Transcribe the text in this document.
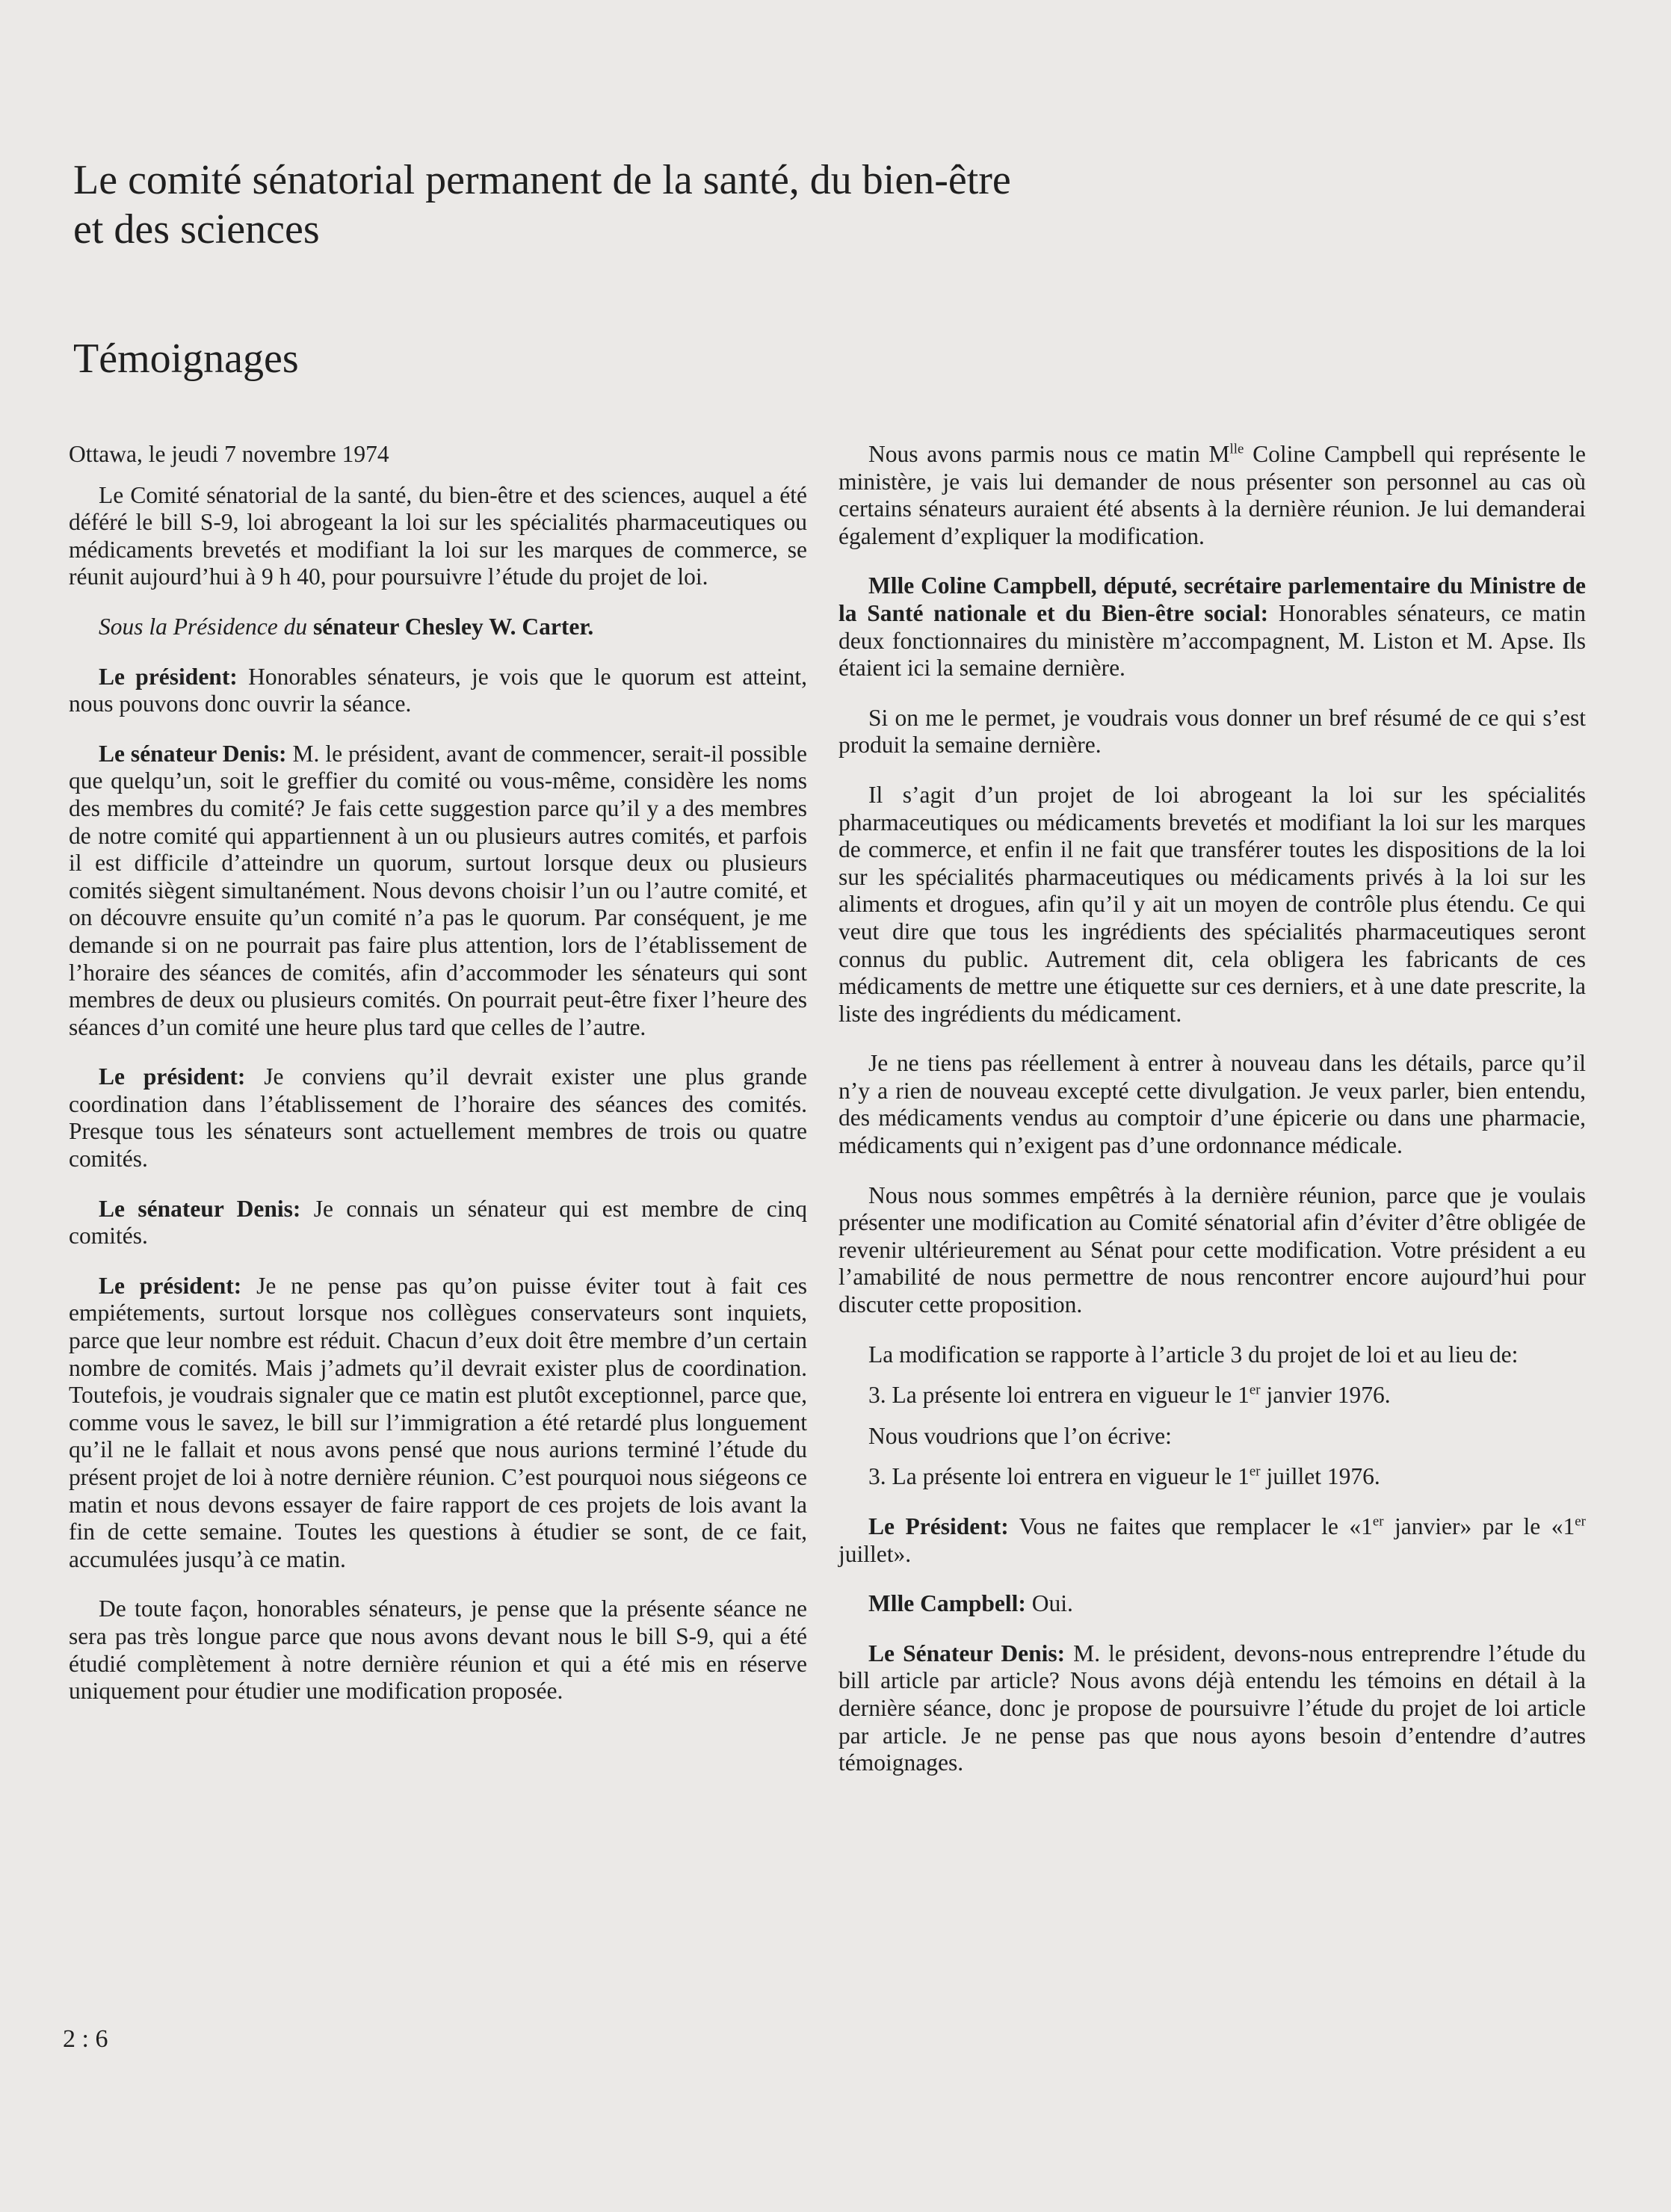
Le comité sénatorial permanent de la santé, du bien-être
et des sciences
Témoignages

Ottawa, le jeudi 7 novembre 1974

Le Comité sénatorial de la santé, du bien-être et des sciences, auquel a été déféré le bill S-9, loi abrogeant la loi sur les spécialités pharmaceutiques ou médicaments brevetés et modifiant la loi sur les marques de commerce, se réunit aujourd’hui à 9 h 40, pour poursuivre l’étude du projet de loi.

Sous la Présidence du sénateur Chesley W. Carter.

Le président: Honorables sénateurs, je vois que le quorum est atteint, nous pouvons donc ouvrir la séance.

Le sénateur Denis: M. le président, avant de commencer, serait-il possible que quelqu’un, soit le greffier du comité ou vous-même, considère les noms des membres du comité? Je fais cette suggestion parce qu’il y a des membres de notre comité qui appartiennent à un ou plusieurs autres comités, et parfois il est difficile d’atteindre un quorum, surtout lorsque deux ou plusieurs comités siègent simultanément. Nous devons choisir l’un ou l’autre comité, et on découvre ensuite qu’un comité n’a pas le quorum. Par conséquent, je me demande si on ne pourrait pas faire plus attention, lors de l’établissement de l’horaire des séances de comités, afin d’accommoder les sénateurs qui sont membres de deux ou plusieurs comités. On pourrait peut-être fixer l’heure des séances d’un comité une heure plus tard que celles de l’autre.

Le président: Je conviens qu’il devrait exister une plus grande coordination dans l’établissement de l’horaire des séances des comités. Presque tous les sénateurs sont actuellement membres de trois ou quatre comités.

Le sénateur Denis: Je connais un sénateur qui est membre de cinq comités.

Le président: Je ne pense pas qu’on puisse éviter tout à fait ces empiétements, surtout lorsque nos collègues conservateurs sont inquiets, parce que leur nombre est réduit. Chacun d’eux doit être membre d’un certain nombre de comités. Mais j’admets qu’il devrait exister plus de coordination. Toutefois, je voudrais signaler que ce matin est plutôt exceptionnel, parce que, comme vous le savez, le bill sur l’immigration a été retardé plus longuement qu’il ne le fallait et nous avons pensé que nous aurions terminé l’étude du présent projet de loi à notre dernière réunion. C’est pourquoi nous siégeons ce matin et nous devons essayer de faire rapport de ces projets de lois avant la fin de cette semaine. Toutes les questions à étudier se sont, de ce fait, accumulées jusqu’à ce matin.

De toute façon, honorables sénateurs, je pense que la présente séance ne sera pas très longue parce que nous avons devant nous le bill S-9, qui a été étudié complètement à notre dernière réunion et qui a été mis en réserve uniquement pour étudier une modification proposée.

Nous avons parmis nous ce matin $M^{lle}$ Coline Campbell qui représente le ministère, je vais lui demander de nous présenter son personnel au cas où certains sénateurs auraient été absents à la dernière réunion. Je lui demanderai également d’expliquer la modification.

Mlle Coline Campbell, député, secrétaire parlementaire du Ministre de la Santé nationale et du Bien-être social: Honorables sénateurs, ce matin deux fonctionnaires du ministère m’accompagnent, M. Liston et M. Apse. Ils étaient ici la semaine dernière.

Si on me le permet, je voudrais vous donner un bref résumé de ce qui s’est produit la semaine dernière.

Il s’agit d’un projet de loi abrogeant la loi sur les spécialités pharmaceutiques ou médicaments brevetés et modifiant la loi sur les marques de commerce, et enfin il ne fait que transférer toutes les dispositions de la loi sur les spécialités pharmaceutiques ou médicaments privés à la loi sur les aliments et drogues, afin qu’il y ait un moyen de contrôle plus étendu. Ce qui veut dire que tous les ingrédients des spécialités pharmaceutiques seront connus du public. Autrement dit, cela obligera les fabricants de ces médicaments de mettre une étiquette sur ces derniers, et à une date prescrite, la liste des ingrédients du médicament.

Je ne tiens pas réellement à entrer à nouveau dans les détails, parce qu’il n’y a rien de nouveau excepté cette divulgation. Je veux parler, bien entendu, des médicaments vendus au comptoir d’une épicerie ou dans une pharmacie, médicaments qui n’exigent pas d’une ordonnance médicale.

Nous nous sommes empêtrés à la dernière réunion, parce que je voulais présenter une modification au Comité sénatorial afin d’éviter d’être obligée de revenir ultérieurement au Sénat pour cette modification. Votre président a eu l’amabilité de nous permettre de nous rencontrer encore aujourd’hui pour discuter cette proposition.

La modification se rapporte à l’article 3 du projet de loi et au lieu de:

3. La présente loi entrera en vigueur le 1er janvier 1976.

Nous voudrions que l’on écrive:

3. La présente loi entrera en vigueur le 1er juillet 1976.

Le Président: Vous ne faites que remplacer le «1er janvier» par le «1er juillet».

Mlle Campbell: Oui.

Le Sénateur Denis: M. le président, devons-nous entreprendre l’étude du bill article par article? Nous avons déjà entendu les témoins en détail à la dernière séance, donc je propose de poursuivre l’étude du projet de loi article par article. Je ne pense pas que nous ayons besoin d’entendre d’autres témoignages.

2 : 6
